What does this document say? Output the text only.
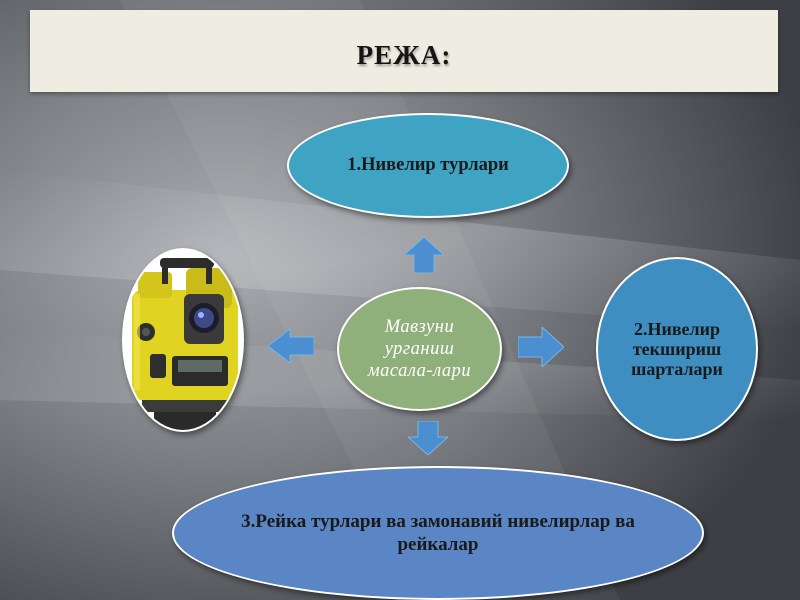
РЕЖА:
1.Нивелир турлари
2.Нивелир текшириш шарталари
3.Рейка турлари ва замонавий нивелирлар ва рейкалар
Мавзуни урганиш масала-лари
